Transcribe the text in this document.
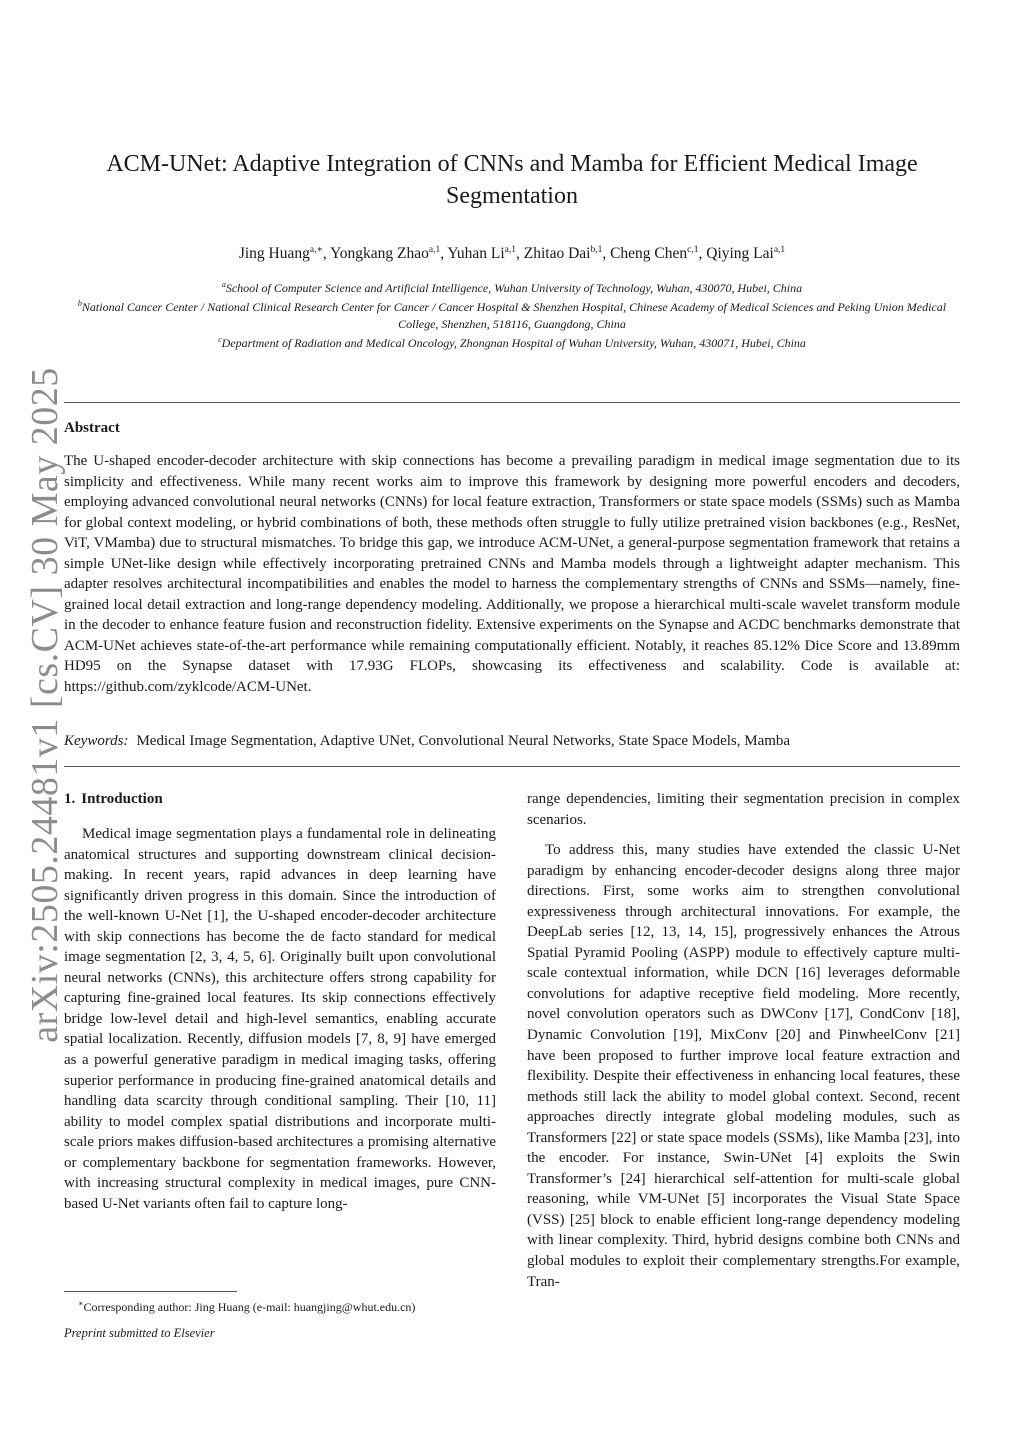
arXiv:2505.24481v1 [cs.CV] 30 May 2025
ACM-UNet: Adaptive Integration of CNNs and Mamba for Efficient Medical Image Segmentation
Jing Huang$^{a,∗}$, Yongkang Zhao$^{a,1}$, Yuhan Li$^{a,1}$, Zhitao Dai$^{b,1}$, Cheng Chen$^{c,1}$, Qiying Lai$^{a,1}$
$^a$School of Computer Science and Artificial Intelligence, Wuhan University of Technology, Wuhan, 430070, Hubei, China
$^b$National Cancer Center / National Clinical Research Center for Cancer / Cancer Hospital & Shenzhen Hospital, Chinese Academy of Medical Sciences and Peking Union Medical College, Shenzhen, 518116, Guangdong, China
$^c$Department of Radiation and Medical Oncology, Zhongnan Hospital of Wuhan University, Wuhan, 430071, Hubei, China
Abstract

The U-shaped encoder-decoder architecture with skip connections has become a prevailing paradigm in medical image segmentation due to its simplicity and effectiveness. While many recent works aim to improve this framework by designing more powerful encoders and decoders, employing advanced convolutional neural networks (CNNs) for local feature extraction, Transformers or state space models (SSMs) such as Mamba for global context modeling, or hybrid combinations of both, these methods often struggle to fully utilize pretrained vision backbones (e.g., ResNet, ViT, VMamba) due to structural mismatches. To bridge this gap, we introduce ACM-UNet, a general-purpose segmentation framework that retains a simple UNet-like design while effectively incorporating pretrained CNNs and Mamba models through a lightweight adapter mechanism. This adapter resolves architectural incompatibilities and enables the model to harness the complementary strengths of CNNs and SSMs—namely, fine-grained local detail extraction and long-range dependency modeling. Additionally, we propose a hierarchical multi-scale wavelet transform module in the decoder to enhance feature fusion and reconstruction fidelity. Extensive experiments on the Synapse and ACDC benchmarks demonstrate that ACM-UNet achieves state-of-the-art performance while remaining computationally efficient. Notably, it reaches 85.12% Dice Score and 13.89mm HD95 on the Synapse dataset with 17.93G FLOPs, showcasing its effectiveness and scalability. Code is available at: https://github.com/zyklcode/ACM-UNet.

Keywords: Medical Image Segmentation, Adaptive UNet, Convolutional Neural Networks, State Space Models, Mamba
1. Introduction

Medical image segmentation plays a fundamental role in delineating anatomical structures and supporting downstream clinical decision-making. In recent years, rapid advances in deep learning have significantly driven progress in this domain. Since the introduction of the well-known U-Net [1], the U-shaped encoder-decoder architecture with skip connections has become the de facto standard for medical image segmentation [2, 3, 4, 5, 6]. Originally built upon convolutional neural networks (CNNs), this architecture offers strong capability for capturing fine-grained local features. Its skip connections effectively bridge low-level detail and high-level semantics, enabling accurate spatial localization. Recently, diffusion models [7, 8, 9] have emerged as a powerful generative paradigm in medical imaging tasks, offering superior performance in producing fine-grained anatomical details and handling data scarcity through conditional sampling. Their [10, 11] ability to model complex spatial distributions and incorporate multi-scale priors makes diffusion-based architectures a promising alternative or complementary backbone for segmentation frameworks. However, with increasing structural complexity in medical images, pure CNN-based U-Net variants often fail to capture long-

range dependencies, limiting their segmentation precision in complex scenarios.

To address this, many studies have extended the classic U-Net paradigm by enhancing encoder-decoder designs along three major directions. First, some works aim to strengthen convolutional expressiveness through architectural innovations. For example, the DeepLab series [12, 13, 14, 15], progressively enhances the Atrous Spatial Pyramid Pooling (ASPP) module to effectively capture multi-scale contextual information, while DCN [16] leverages deformable convolutions for adaptive receptive field modeling. More recently, novel convolution operators such as DWConv [17], CondConv [18], Dynamic Convolution [19], MixConv [20] and PinwheelConv [21] have been proposed to further improve local feature extraction and flexibility. Despite their effectiveness in enhancing local features, these methods still lack the ability to model global context. Second, recent approaches directly integrate global modeling modules, such as Transformers [22] or state space models (SSMs), like Mamba [23], into the encoder. For instance, Swin-UNet [4] exploits the Swin Transformer’s [24] hierarchical self-attention for multi-scale global reasoning, while VM-UNet [5] incorporates the Visual State Space (VSS) [25] block to enable efficient long-range dependency modeling with linear complexity. Third, hybrid designs combine both CNNs and global modules to exploit their complementary strengths.For example, Tran-

∗Corresponding author: Jing Huang (e-mail: huangjing@whut.edu.cn)
Preprint submitted to Elsevier
